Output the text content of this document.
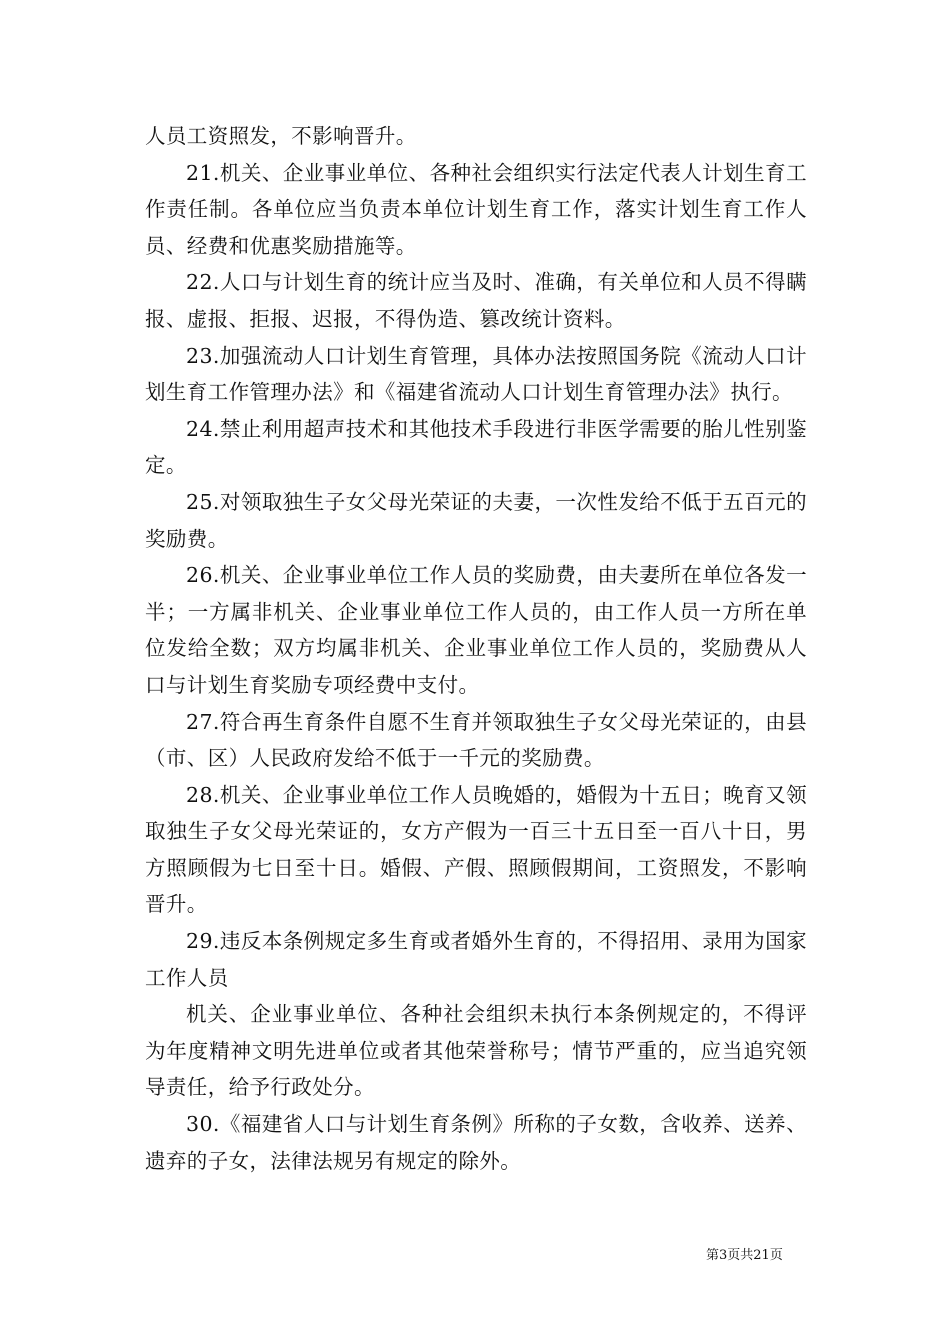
人员工资照发，不影响晋升。

21.机关、企业事业单位、各种社会组织实行法定代表人计划生育工作责任制。各单位应当负责本单位计划生育工作，落实计划生育工作人员、经费和优惠奖励措施等。

22.人口与计划生育的统计应当及时、准确，有关单位和人员不得瞒报、虚报、拒报、迟报，不得伪造、篡改统计资料。

23.加强流动人口计划生育管理，具体办法按照国务院《流动人口计划生育工作管理办法》和《福建省流动人口计划生育管理办法》执行。

24.禁止利用超声技术和其他技术手段进行非医学需要的胎儿性别鉴定。

25.对领取独生子女父母光荣证的夫妻，一次性发给不低于五百元的奖励费。

26.机关、企业事业单位工作人员的奖励费，由夫妻所在单位各发一半；一方属非机关、企业事业单位工作人员的，由工作人员一方所在单位发给全数；双方均属非机关、企业事业单位工作人员的，奖励费从人口与计划生育奖励专项经费中支付。

27.符合再生育条件自愿不生育并领取独生子女父母光荣证的，由县（市、区）人民政府发给不低于一千元的奖励费。

28.机关、企业事业单位工作人员晚婚的，婚假为十五日；晚育又领取独生子女父母光荣证的，女方产假为一百三十五日至一百八十日，男方照顾假为七日至十日。婚假、产假、照顾假期间，工资照发，不影响晋升。

29.违反本条例规定多生育或者婚外生育的，不得招用、录用为国家工作人员

机关、企业事业单位、各种社会组织未执行本条例规定的，不得评为年度精神文明先进单位或者其他荣誉称号；情节严重的，应当追究领导责任，给予行政处分。

30.《福建省人口与计划生育条例》所称的子女数，含收养、送养、遗弃的子女，法律法规另有规定的除外。

第3页共21页
